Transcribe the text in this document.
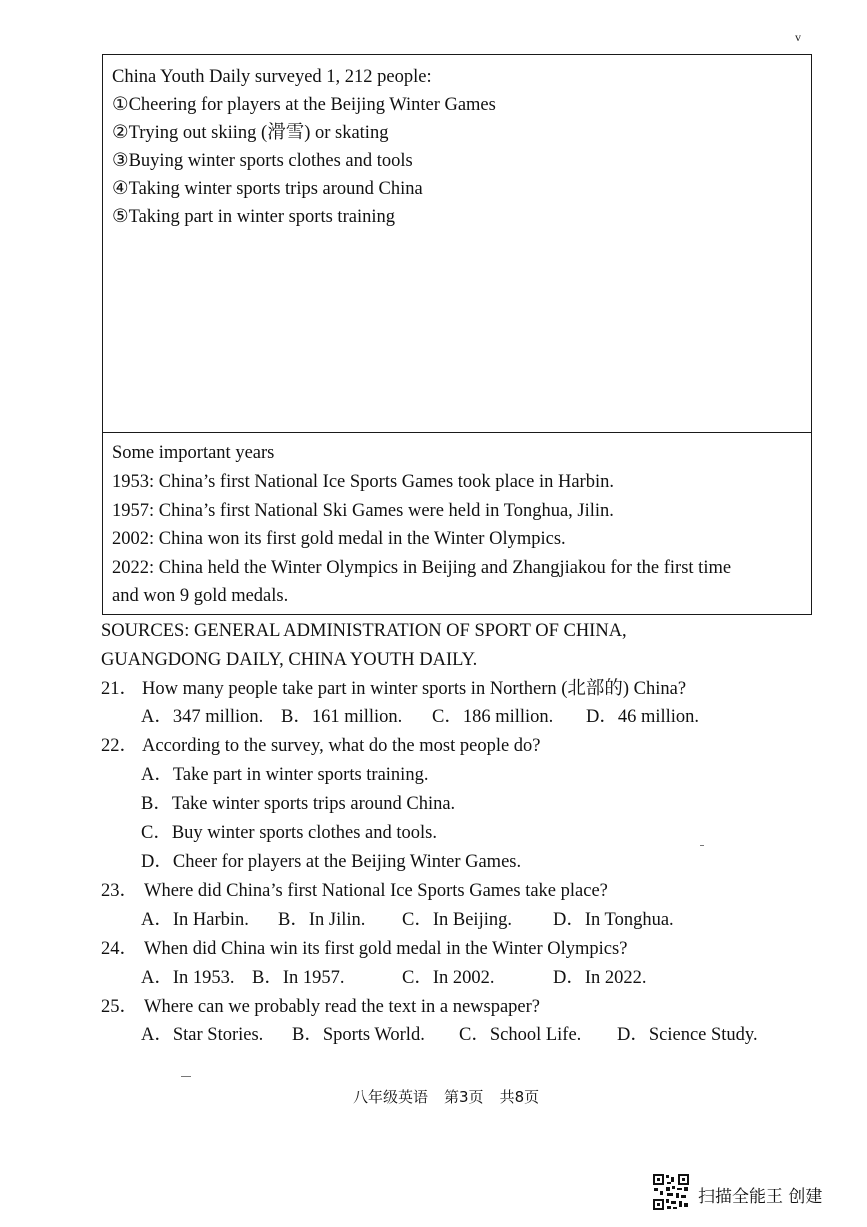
v
China Youth Daily surveyed 1, 212 people:
①Cheering for players at the Beijing Winter Games
②Trying out skiing (滑雪) or skating
③Buying winter sports clothes and tools
④Taking winter sports trips around China
⑤Taking part in winter sports training
Some important years
1953: China’s first National Ice Sports Games took place in Harbin.
1957: China’s first National Ski Games were held in Tonghua, Jilin.
2002: China won its first gold medal in the Winter Olympics.
2022: China held the Winter Olympics in Beijing and Zhangjiakou for the first time
and won 9 gold medals.
SOURCES: GENERAL ADMINISTRATION OF SPORT OF CHINA,
GUANGDONG DAILY, CHINA YOUTH DAILY.
21． How many people take part in winter sports in Northern (北部的) China?
A．347 million. B．161 million. C．186 million. D．46 million.
22． According to the survey, what do the most people do?
A．Take part in winter sports training.
B．Take winter sports trips around China.
C．Buy winter sports clothes and tools.
D．Cheer for players at the Beijing Winter Games.
23． Where did China’s first National Ice Sports Games take place?
A．In Harbin. B．In Jilin. C．In Beijing. D．In Tonghua.
24． When did China win its first gold medal in the Winter Olympics?
A．In 1953. B．In 1957.	C．In 2002.	D．In 2022.
25． Where can we probably read the text in a newspaper?
A．Star Stories. B．Sports World. C．School Life. D．Science Study.
八年级英语 第3页 共8页
扫描全能王 创建
